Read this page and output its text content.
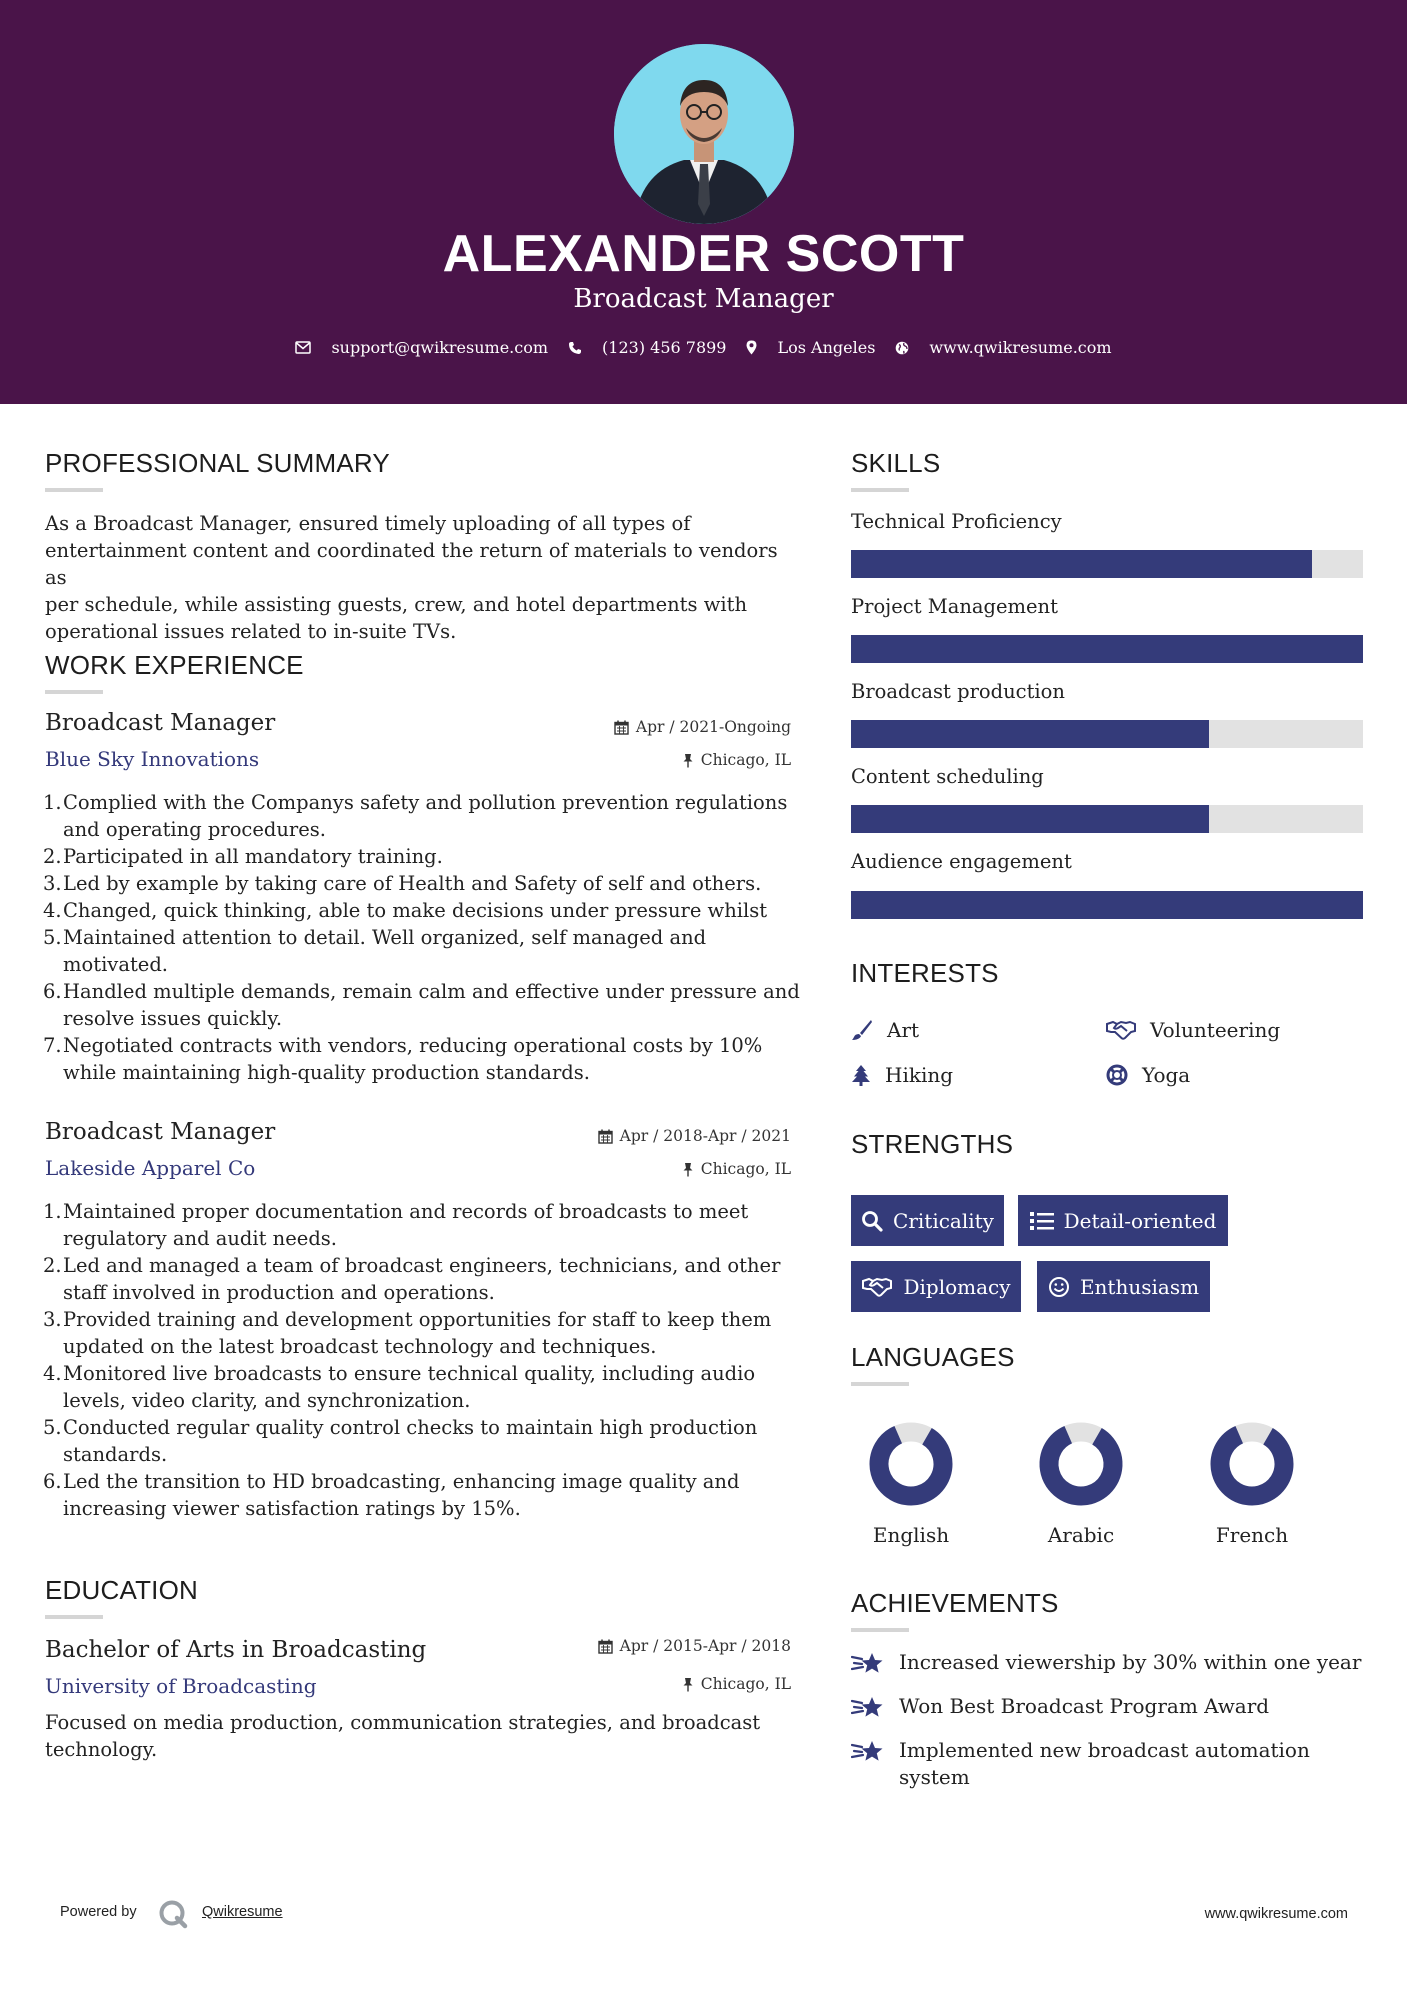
ALEXANDER SCOTT
Broadcast Manager
support@qwikresume.com	(123) 456 7899	Los Angeles	www.qwikresume.com
PROFESSIONAL SUMMARY
As a Broadcast Manager, ensured timely uploading of all types of
entertainment content and coordinated the return of materials to vendors as
per schedule, while assisting guests, crew, and hotel departments with
operational issues related to in-suite TVs.
WORK EXPERIENCE
Broadcast Manager	Apr / 2021-Ongoing
Blue Sky Innovations	Chicago, IL
1. Complied with the Companys safety and pollution prevention regulations
and operating procedures.
2. Participated in all mandatory training.
3. Led by example by taking care of Health and Safety of self and others.
4. Changed, quick thinking, able to make decisions under pressure whilst
5. Maintained attention to detail. Well organized, self managed and
motivated.
6. Handled multiple demands, remain calm and effective under pressure and
resolve issues quickly.
7. Negotiated contracts with vendors, reducing operational costs by 10%
while maintaining high-quality production standards.
Broadcast Manager	Apr / 2018-Apr / 2021
Lakeside Apparel Co	Chicago, IL
1. Maintained proper documentation and records of broadcasts to meet
regulatory and audit needs.
2. Led and managed a team of broadcast engineers, technicians, and other
staff involved in production and operations.
3. Provided training and development opportunities for staff to keep them
updated on the latest broadcast technology and techniques.
4. Monitored live broadcasts to ensure technical quality, including audio
levels, video clarity, and synchronization.
5. Conducted regular quality control checks to maintain high production
standards.
6. Led the transition to HD broadcasting, enhancing image quality and
increasing viewer satisfaction ratings by 15%.
EDUCATION
Bachelor of Arts in Broadcasting	Apr / 2015-Apr / 2018
University of Broadcasting	Chicago, IL
Focused on media production, communication strategies, and broadcast
technology.
SKILLS
Technical Proficiency
Project Management
Broadcast production
Content scheduling
Audience engagement
INTERESTS
Art	Volunteering
Hiking	Yoga
STRENGTHS
Criticality	Detail-oriented
Diplomacy	Enthusiasm
LANGUAGES
English	Arabic	French
ACHIEVEMENTS
Increased viewership by 30% within one year
Won Best Broadcast Program Award
Implemented new broadcast automation
system
Powered by	Qwikresume	www.qwikresume.com
